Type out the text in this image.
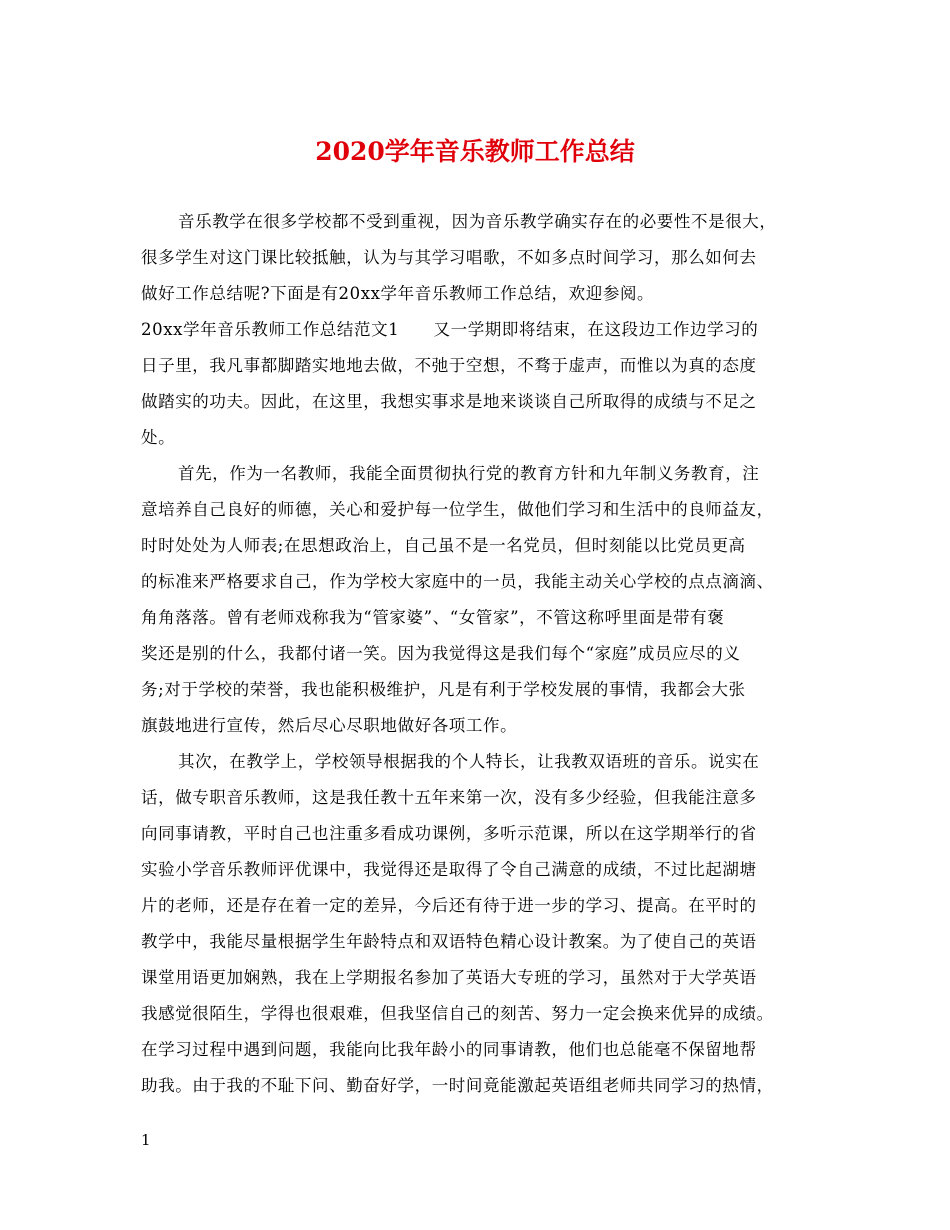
2020学年音乐教师工作总结
音乐教学在很多学校都不受到重视，因为音乐教学确实存在的必要性不是很大，
很多学生对这门课比较抵触，认为与其学习唱歌，不如多点时间学习，那么如何去
做好工作总结呢?下面是有20xx学年音乐教师工作总结，欢迎参阅。
20xx学年音乐教师工作总结范文1　　又一学期即将结束，在这段边工作边学习的
日子里，我凡事都脚踏实地地去做，不弛于空想，不骛于虚声，而惟以为真的态度
做踏实的功夫。因此，在这里，我想实事求是地来谈谈自己所取得的成绩与不足之
处。
首先，作为一名教师，我能全面贯彻执行党的教育方针和九年制义务教育，注
意培养自己良好的师德，关心和爱护每一位学生，做他们学习和生活中的良师益友，
时时处处为人师表;在思想政治上，自己虽不是一名党员，但时刻能以比党员更高
的标准来严格要求自己，作为学校大家庭中的一员，我能主动关心学校的点点滴滴、
角角落落。曾有老师戏称我为“管家婆”、“女管家”，不管这称呼里面是带有褒
奖还是别的什么，我都付诸一笑。因为我觉得这是我们每个“家庭”成员应尽的义
务;对于学校的荣誉，我也能积极维护，凡是有利于学校发展的事情，我都会大张
旗鼓地进行宣传，然后尽心尽职地做好各项工作。
其次，在教学上，学校领导根据我的个人特长，让我教双语班的音乐。说实在
话，做专职音乐教师，这是我任教十五年来第一次，没有多少经验，但我能注意多
向同事请教，平时自己也注重多看成功课例，多听示范课，所以在这学期举行的省
实验小学音乐教师评优课中，我觉得还是取得了令自己满意的成绩，不过比起湖塘
片的老师，还是存在着一定的差异，今后还有待于进一步的学习、提高。在平时的
教学中，我能尽量根据学生年龄特点和双语特色精心设计教案。为了使自己的英语
课堂用语更加娴熟，我在上学期报名参加了英语大专班的学习，虽然对于大学英语
我感觉很陌生，学得也很艰难，但我坚信自己的刻苦、努力一定会换来优异的成绩。
在学习过程中遇到问题，我能向比我年龄小的同事请教，他们也总能毫不保留地帮
助我。由于我的不耻下问、勤奋好学，一时间竟能激起英语组老师共同学习的热情，
1
